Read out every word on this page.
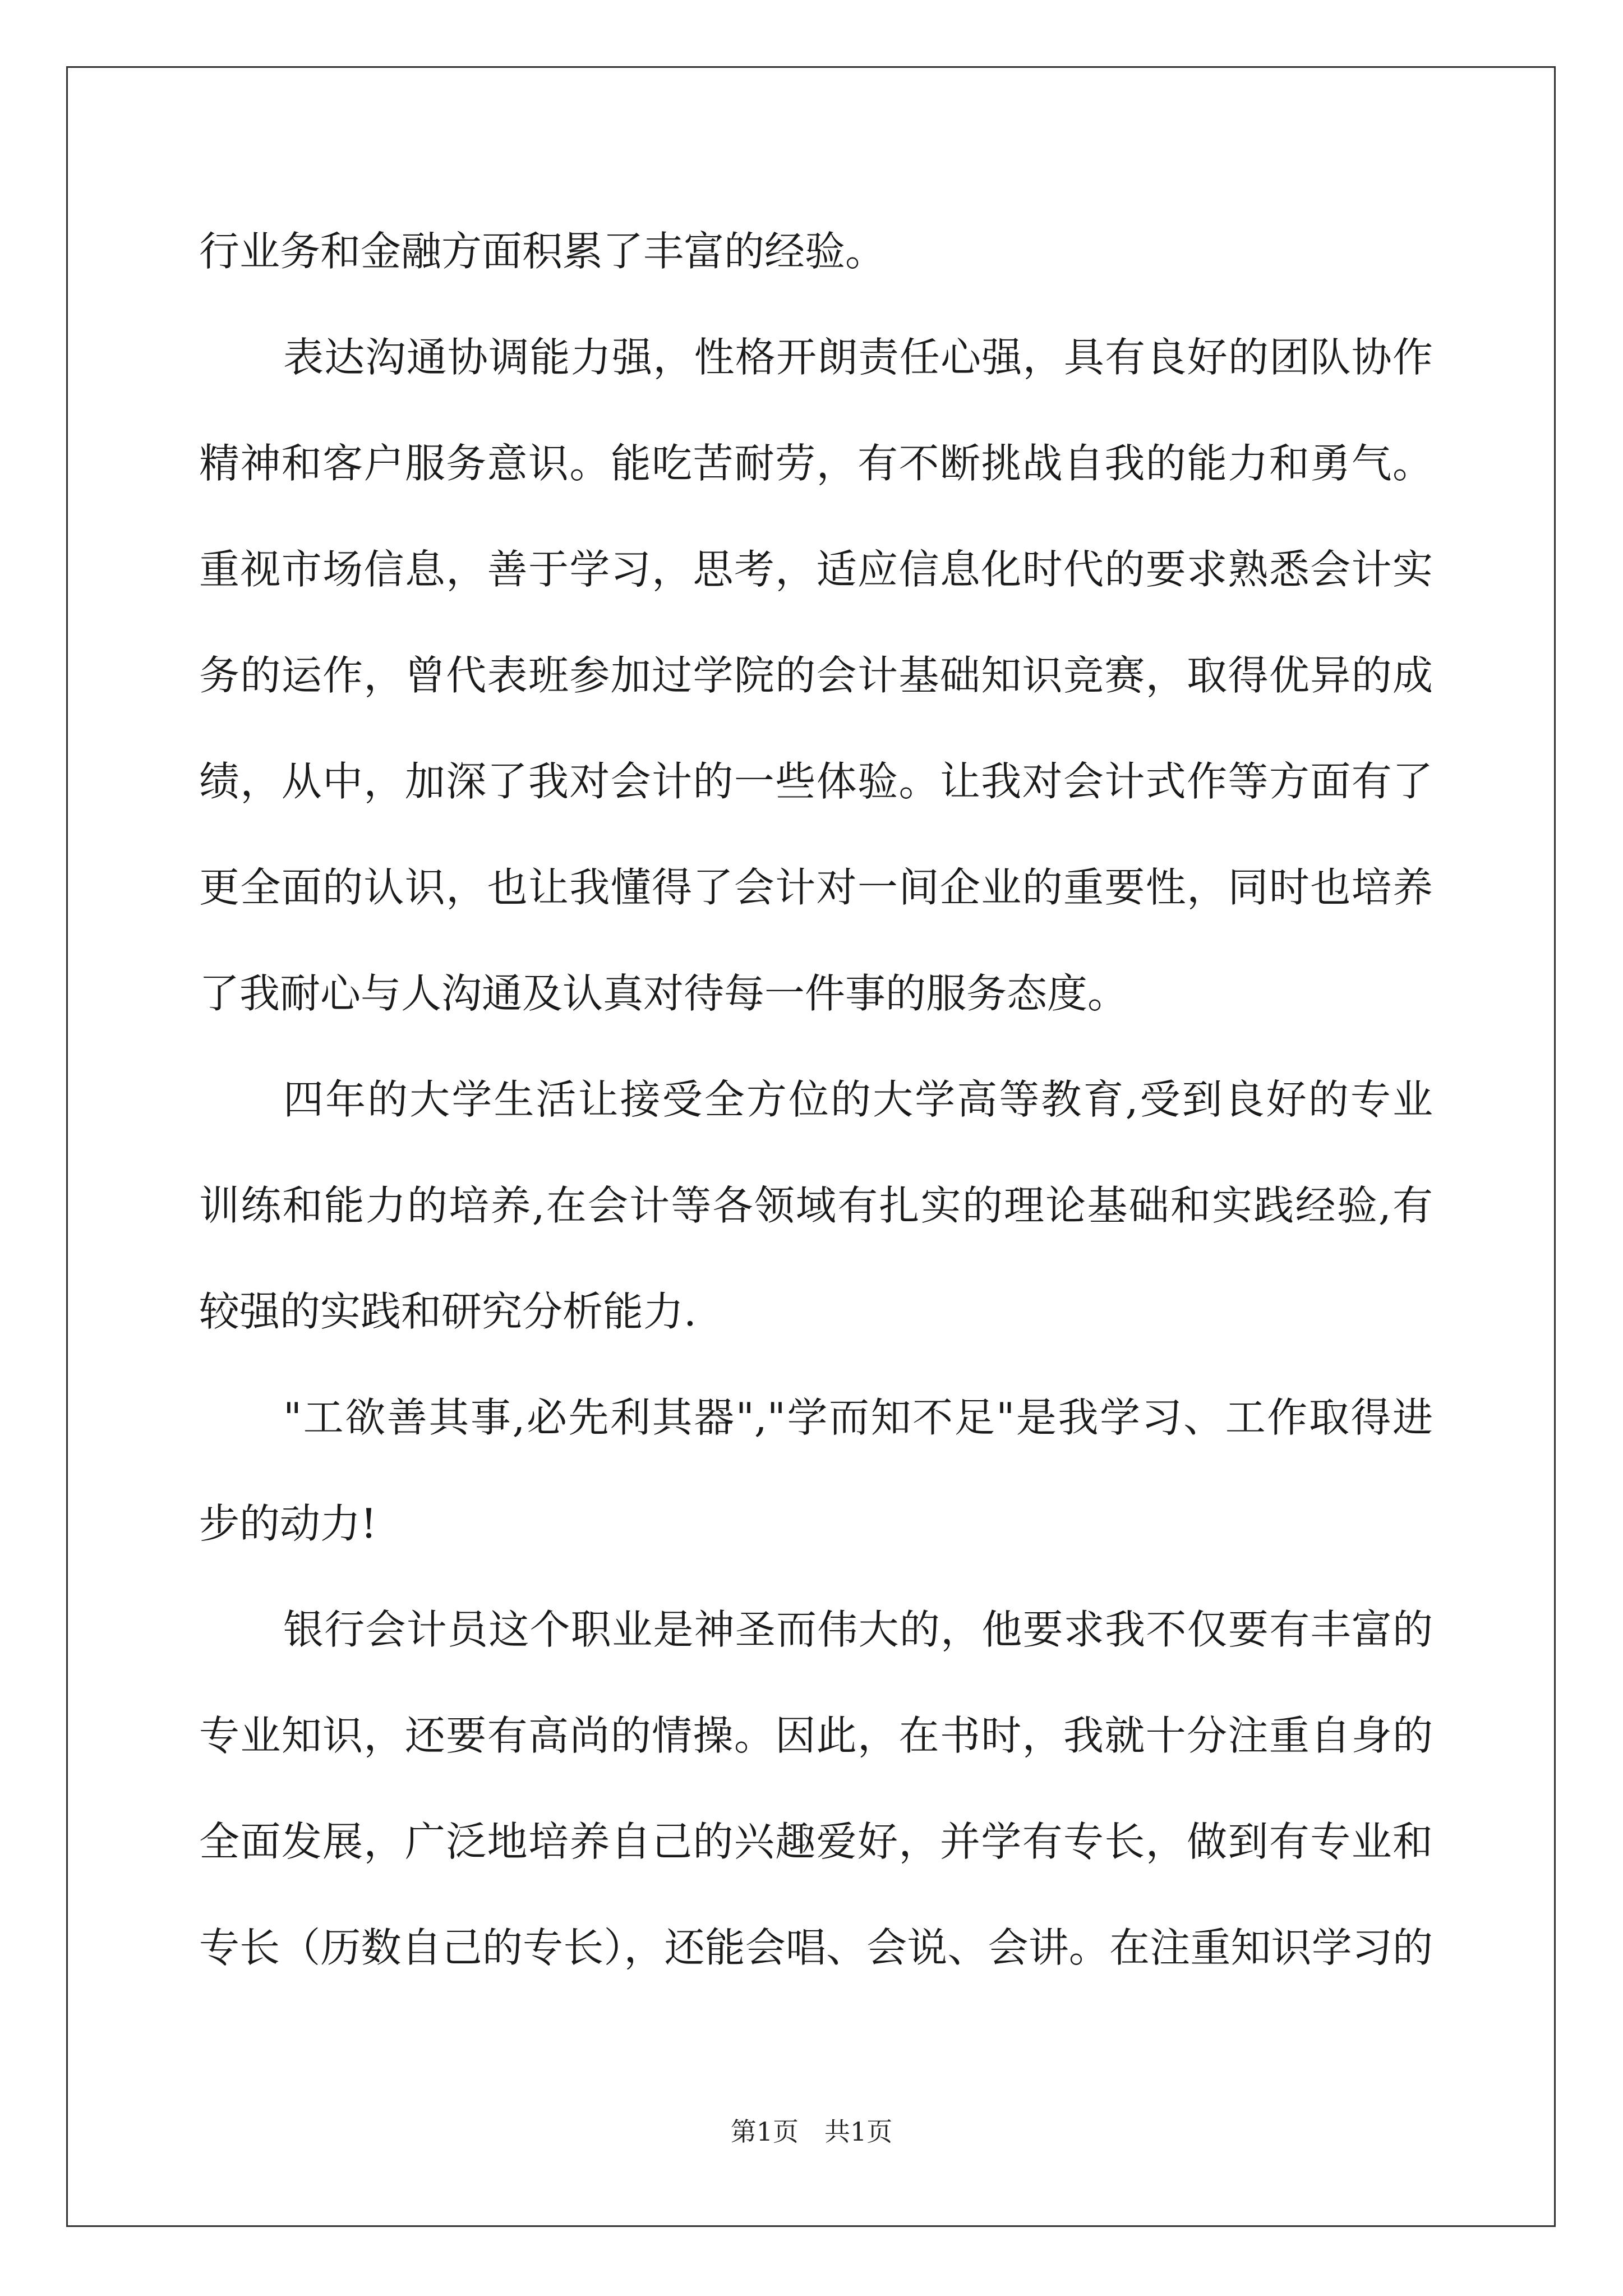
行业务和金融方面积累了丰富的经验。
表达沟通协调能力强，性格开朗责任心强，具有良好的团队协作
精神和客户服务意识。能吃苦耐劳，有不断挑战自我的能力和勇气。
重视市场信息，善于学习，思考，适应信息化时代的要求熟悉会计实
务的运作，曾代表班参加过学院的会计基础知识竞赛，取得优异的成
绩，从中，加深了我对会计的一些体验。让我对会计式作等方面有了
更全面的认识，也让我懂得了会计对一间企业的重要性，同时也培养
了我耐心与人沟通及认真对待每一件事的服务态度。
四年的大学生活让接受全方位的大学高等教育,受到良好的专业
训练和能力的培养,在会计等各领域有扎实的理论基础和实践经验,有
较强的实践和研究分析能力.
"工欲善其事,必先利其器","学而知不足"是我学习、工作取得进
步的动力!
银行会计员这个职业是神圣而伟大的，他要求我不仅要有丰富的
专业知识，还要有高尚的情操。因此，在书时，我就十分注重自身的
全面发展，广泛地培养自己的兴趣爱好，并学有专长，做到有专业和
专长（历数自己的专长），还能会唱、会说、会讲。在注重知识学习的
第1页　共1页
